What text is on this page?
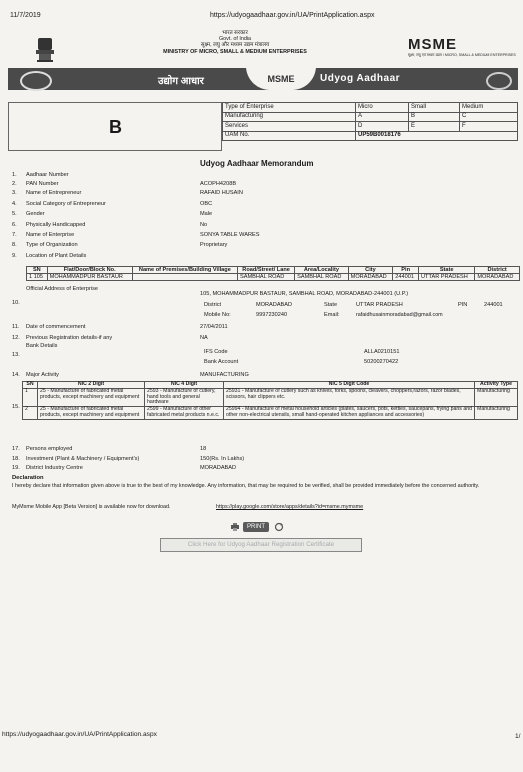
11/7/2019	https://udyogaadhaar.gov.in/UA/PrintApplication.aspx
भारत सरकार
Govt. of India
सूक्ष्म, लघु और मध्यम उद्यम मंत्रालय
MINISTRY OF MICRO, SMALL & MEDIUM ENTERPRISES	MSME
सूक्ष्म, लघु एवं मध्यम उद्यम / MICRO, SMALL & MEDIUM ENTERPRISES
उद्योग आधार	MSME	Udyog Aadhaar
B
Type of Enterprise	Micro	Small	Medium
Manufacturing	A	B	C
Services	D	E	F
UAM No.	UP59B0018176		
Udyog Aadhaar Memorandum
1. Aadhaar Number
2. PAN Number	ACOPH4208B
3. Name of Entrepreneur	RAFAID HUSAIN
4. Social Category of Entrepreneur	OBC
5. Gender	Male
6. Physically Handicapped	No
7. Name of Enterprise	SONYA TABLE WARES
8. Type of Organization	Proprietary
9. Location of Plant Details
SN	Flat/Door/Block No.	Name of Premises/Building Village	Road/Street/ Lane	Area/Locality	City	Pin	State	District
1 105	MOHAMMADPUR BASTAUR		SAMBHAL ROAD	SAMBHAL ROAD	MORADABAD	244001	UTTAR PRADESH	MORADABAD
Official Address of Enterprise
10.
105, MOHAMMADPUR BASTAUR, SAMBHAL ROAD, MORADABAD-244001 (U.P.)
District	MORADABAD	State	UTTAR PRADESH	PIN	244001
Mobile No:	9997230240	Email:	rafaidhusainmoradabad@gmail.com
11. Date of commencement	27/04/2011
12. Previous Registration details-if any	NA
Bank Details
13.	IFS Code	ALLA0210151
Bank Account	50200270422
14. Major Activity	MANUFACTURING
15.
SN	NIC 2 Digit	NIC 4 Digit	NIC 5 Digit Code	Activity Type
1	25 - Manufacture of fabricated metal products, except machinery and equipment	2593 - Manufacture of cutlery, hand tools and general hardware	25931 - Manufacture of cutlery such as knives, forks, spoons, cleavers, choppers,razors, razor blades, scissors, hair clippers etc.	Manufacturing
2	25 - Manufacture of fabricated metal products, except machinery and equipment	2599 - Manufacture of other fabricated metal products n.e.c.	25994 - Manufacture of metal household articles (plates, saucers, pots, kettles, saucepans, frying pans and other non-electrical utensils, small hand-operated kitchen appliances and accessories)	Manufacturing
17. Persons employed	18
18. Investment (Plant & Machinery / Equipment's)	150(Rs. In Lakhs)
19. District Industry Centre	MORADABAD
Declaration
I hereby declare that information given above is true to the best of my knowledge. Any information, that may be required to be verified, shall be provided immediately before the concerned authority.
MyMsme Mobile App [Beta Version] is available now for download.	https://play.google.com/store/apps/details?id=msme.mymsme
PRINT
Click Here for Udyog Aadhaar Registration Certificate
https://udyogaadhaar.gov.in/UA/PrintApplication.aspx	1/
